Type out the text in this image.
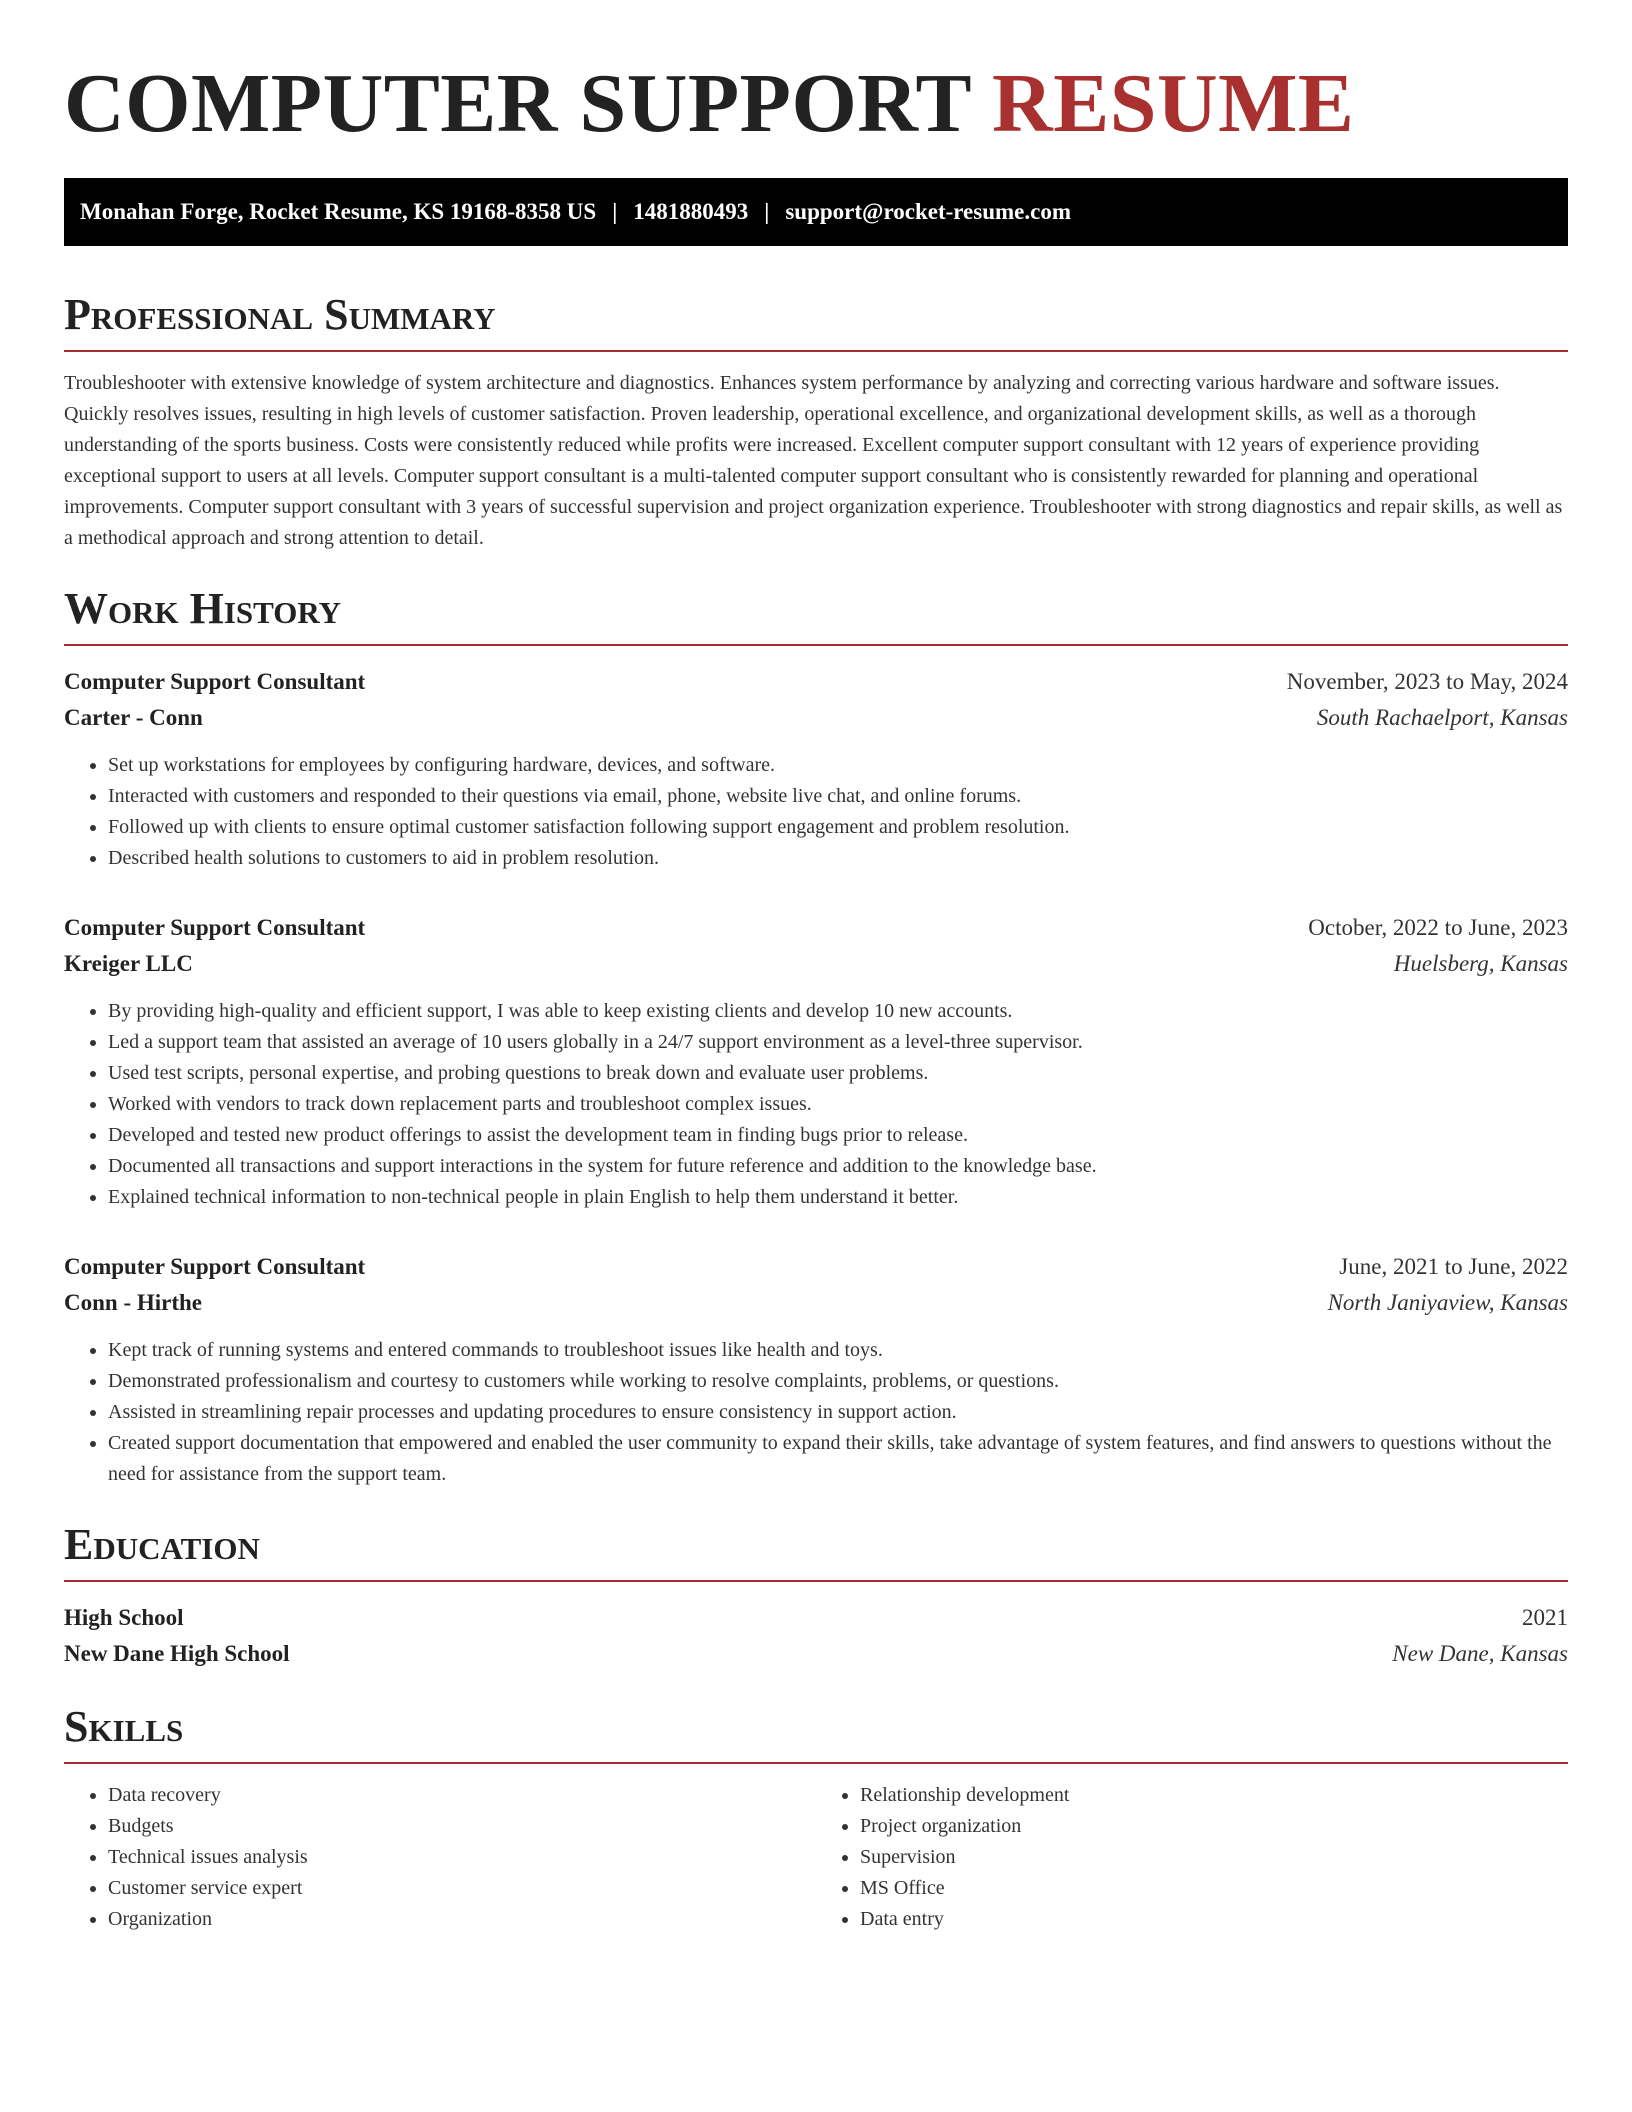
COMPUTER SUPPORT RESUME
Monahan Forge, Rocket Resume, KS 19168-8358 US | 1481880493 | support@rocket-resume.com
Professional Summary

Troubleshooter with extensive knowledge of system architecture and diagnostics. Enhances system performance by analyzing and correcting various hardware and software issues. Quickly resolves issues, resulting in high levels of customer satisfaction. Proven leadership, operational excellence, and organizational development skills, as well as a thorough understanding of the sports business. Costs were consistently reduced while profits were increased. Excellent computer support consultant with 12 years of experience providing exceptional support to users at all levels. Computer support consultant is a multi-talented computer support consultant who is consistently rewarded for planning and operational improvements. Computer support consultant with 3 years of successful supervision and project organization experience. Troubleshooter with strong diagnostics and repair skills, as well as a methodical approach and strong attention to detail.

Work History
Computer Support Consultant	November, 2023 to May, 2024
Carter - Conn	South Rachaelport, Kansas
• Set up workstations for employees by configuring hardware, devices, and software.
• Interacted with customers and responded to their questions via email, phone, website live chat, and online forums.
• Followed up with clients to ensure optimal customer satisfaction following support engagement and problem resolution.
• Described health solutions to customers to aid in problem resolution.
Computer Support Consultant	October, 2022 to June, 2023
Kreiger LLC	Huelsberg, Kansas
• By providing high-quality and efficient support, I was able to keep existing clients and develop 10 new accounts.
• Led a support team that assisted an average of 10 users globally in a 24/7 support environment as a level-three supervisor.
• Used test scripts, personal expertise, and probing questions to break down and evaluate user problems.
• Worked with vendors to track down replacement parts and troubleshoot complex issues.
• Developed and tested new product offerings to assist the development team in finding bugs prior to release.
• Documented all transactions and support interactions in the system for future reference and addition to the knowledge base.
• Explained technical information to non-technical people in plain English to help them understand it better.
Computer Support Consultant	June, 2021 to June, 2022
Conn - Hirthe	North Janiyaview, Kansas
• Kept track of running systems and entered commands to troubleshoot issues like health and toys.
• Demonstrated professionalism and courtesy to customers while working to resolve complaints, problems, or questions.
• Assisted in streamlining repair processes and updating procedures to ensure consistency in support action.
• Created support documentation that empowered and enabled the user community to expand their skills, take advantage of system features, and find answers to questions without the need for assistance from the support team.
Education
High School	2021
New Dane High School	New Dane, Kansas
Skills
• Data recovery
• Budgets
• Technical issues analysis
• Customer service expert
• Organization
• Relationship development
• Project organization
• Supervision
• MS Office
• Data entry
